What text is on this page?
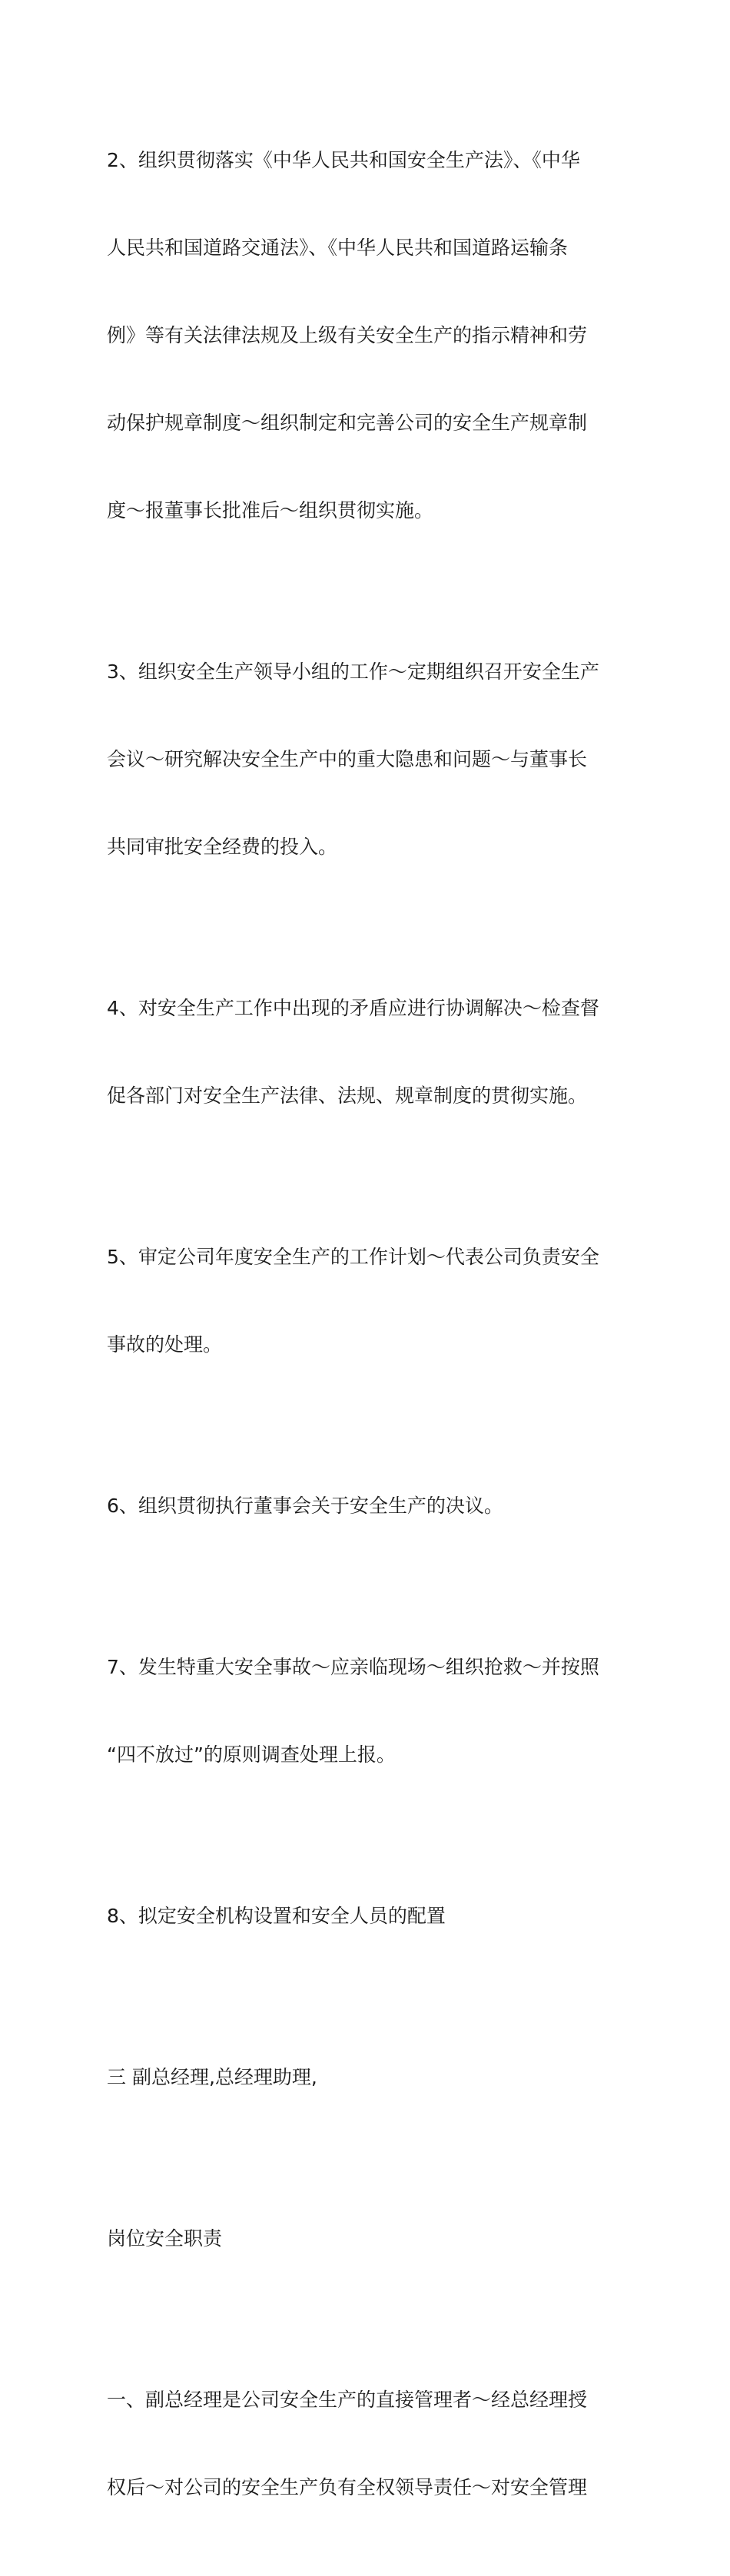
2、组织贯彻落实《中华人民共和国安全生产法》、《中华

人民共和国道路交通法》、《中华人民共和国道路运输条

例》等有关法律法规及上级有关安全生产的指示精神和劳

动保护规章制度～组织制定和完善公司的安全生产规章制

度～报董事长批准后～组织贯彻实施。

3、组织安全生产领导小组的工作～定期组织召开安全生产

会议～研究解决安全生产中的重大隐患和问题～与董事长

共同审批安全经费的投入。

4、对安全生产工作中出现的矛盾应进行协调解决～检查督

促各部门对安全生产法律、法规、规章制度的贯彻实施。

5、审定公司年度安全生产的工作计划～代表公司负责安全

事故的处理。

6、组织贯彻执行董事会关于安全生产的决议。

7、发生特重大安全事故～应亲临现场～组织抢救～并按照

“四不放过”的原则调查处理上报。

8、拟定安全机构设置和安全人员的配置

三 副总经理,总经理助理,

岗位安全职责

一、副总经理是公司安全生产的直接管理者～经总经理授

权后～对公司的安全生产负有全权领导责任～对安全管理
